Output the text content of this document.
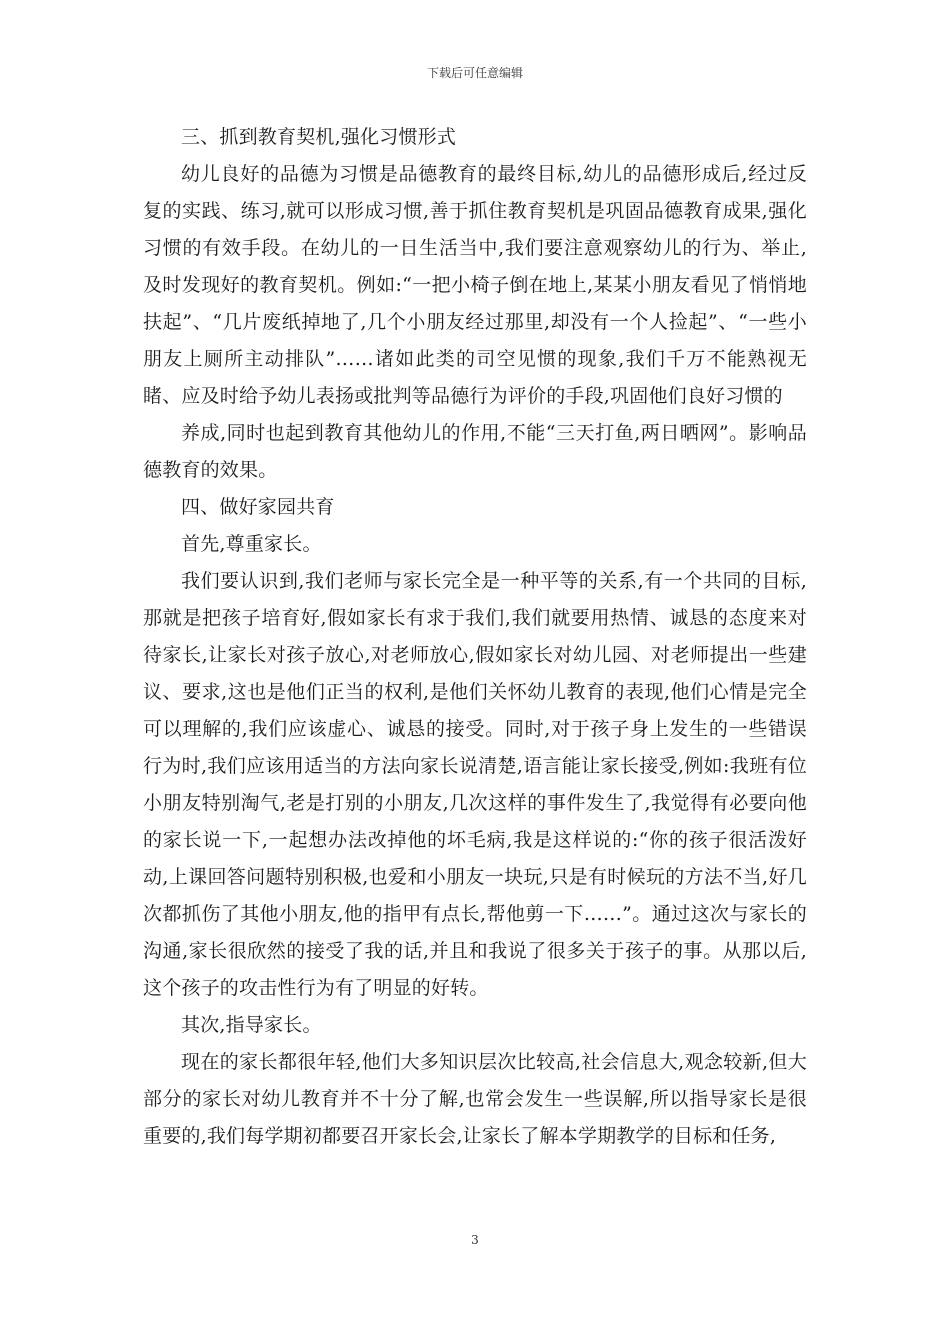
下载后可任意编辑

三、抓到教育契机,强化习惯形式

幼儿良好的品德为习惯是品德教育的最终目标,幼儿的品德形成后,经过反复的实践、练习,就可以形成习惯,善于抓住教育契机是巩固品德教育成果,强化习惯的有效手段。在幼儿的一日生活当中,我们要注意观察幼儿的行为、举止,及时发现好的教育契机。例如:“一把小椅子倒在地上,某某小朋友看见了悄悄地扶起”、“几片废纸掉地了,几个小朋友经过那里,却没有一个人捡起”、“一些小朋友上厕所主动排队”……诸如此类的司空见惯的现象,我们千万不能熟视无睹、应及时给予幼儿表扬或批判等品德行为评价的手段,巩固他们良好习惯的

养成,同时也起到教育其他幼儿的作用,不能“三天打鱼,两日晒网”。影响品德教育的效果。

四、做好家园共育

首先,尊重家长。

我们要认识到,我们老师与家长完全是一种平等的关系,有一个共同的目标,那就是把孩子培育好,假如家长有求于我们,我们就要用热情、诚恳的态度来对待家长,让家长对孩子放心,对老师放心,假如家长对幼儿园、对老师提出一些建议、要求,这也是他们正当的权利,是他们关怀幼儿教育的表现,他们心情是完全可以理解的,我们应该虚心、诚恳的接受。同时,对于孩子身上发生的一些错误行为时,我们应该用适当的方法向家长说清楚,语言能让家长接受,例如:我班有位小朋友特别淘气,老是打别的小朋友,几次这样的事件发生了,我觉得有必要向他的家长说一下,一起想办法改掉他的坏毛病,我是这样说的:“你的孩子很活泼好动,上课回答问题特别积极,也爱和小朋友一块玩,只是有时候玩的方法不当,好几次都抓伤了其他小朋友,他的指甲有点长,帮他剪一下……”。通过这次与家长的沟通,家长很欣然的接受了我的话,并且和我说了很多关于孩子的事。从那以后,这个孩子的攻击性行为有了明显的好转。

其次,指导家长。

现在的家长都很年轻,他们大多知识层次比较高,社会信息大,观念较新,但大部分的家长对幼儿教育并不十分了解,也常会发生一些误解,所以指导家长是很重要的,我们每学期初都要召开家长会,让家长了解本学期教学的目标和任务,

3
